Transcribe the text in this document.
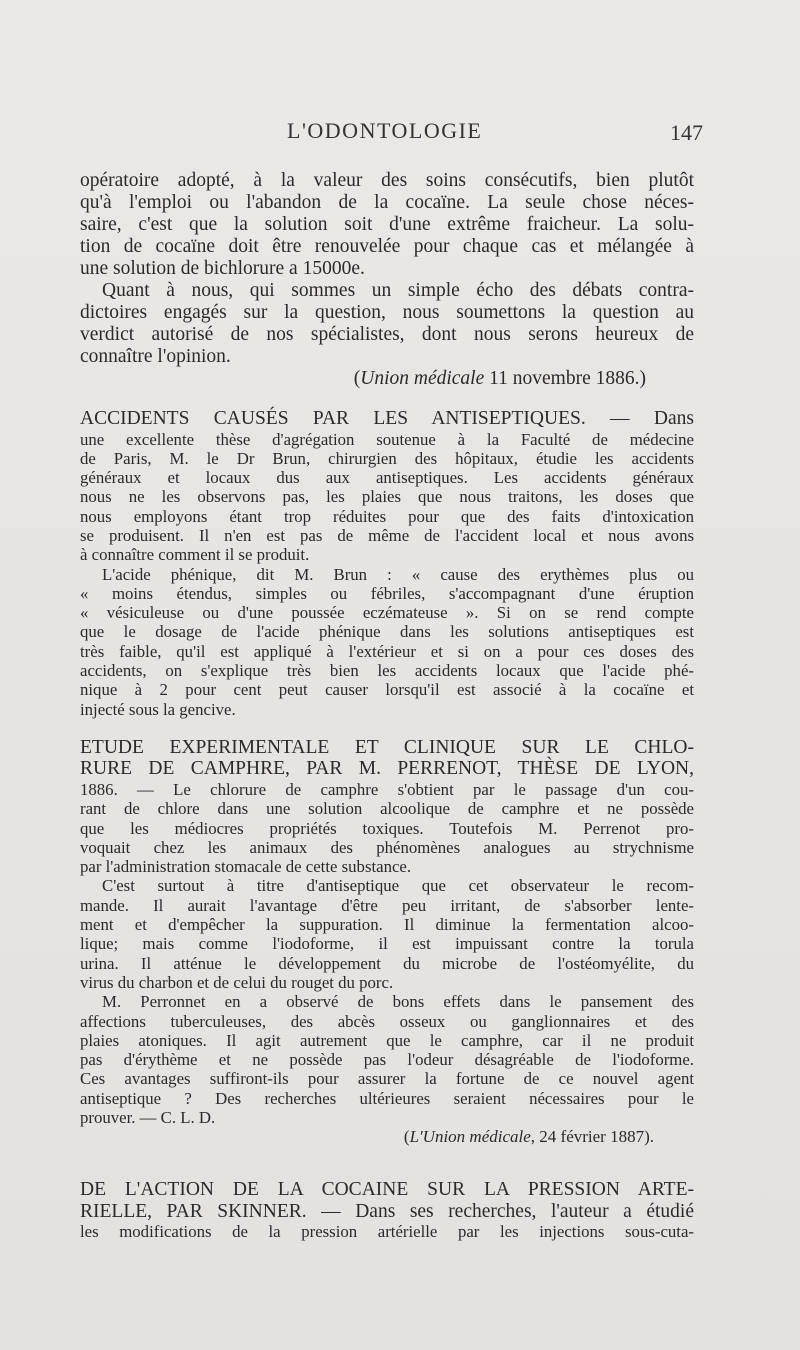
L'ODONTOLOGIE	147
opératoire adopté, à la valeur des soins consécutifs, bien plutôt
qu'à l'emploi ou l'abandon de la cocaïne. La seule chose néces-
saire, c'est que la solution soit d'une extrême fraicheur. La solu-
tion de cocaïne doit être renouvelée pour chaque cas et mélangée à
une solution de bichlorure a 15000e.
Quant à nous, qui sommes un simple écho des débats contra-
dictoires engagés sur la question, nous soumettons la question au
verdict autorisé de nos spécialistes, dont nous serons heureux de
connaître l'opinion.
(Union médicale 11 novembre 1886.)
ACCIDENTS CAUSÉS PAR LES ANTISEPTIQUES. — Dans
une excellente thèse d'agrégation soutenue à la Faculté de médecine
de Paris, M. le Dr Brun, chirurgien des hôpitaux, étudie les accidents
généraux et locaux dus aux antiseptiques. Les accidents généraux
nous ne les observons pas, les plaies que nous traitons, les doses que
nous employons étant trop réduites pour que des faits d'intoxication
se produisent. Il n'en est pas de même de l'accident local et nous avons
à connaître comment il se produit.
L'acide phénique, dit M. Brun : « cause des erythèmes plus ou
« moins étendus, simples ou fébriles, s'accompagnant d'une éruption
« vésiculeuse ou d'une poussée eczémateuse ». Si on se rend compte
que le dosage de l'acide phénique dans les solutions antiseptiques est
très faible, qu'il est appliqué à l'extérieur et si on a pour ces doses des
accidents, on s'explique très bien les accidents locaux que l'acide phé-
nique à 2 pour cent peut causer lorsqu'il est associé à la cocaïne et
injecté sous la gencive.
ETUDE EXPERIMENTALE ET CLINIQUE SUR LE CHLO-
RURE DE CAMPHRE, PAR M. PERRENOT, THÈSE DE LYON,
1886. — Le chlorure de camphre s'obtient par le passage d'un cou-
rant de chlore dans une solution alcoolique de camphre et ne possède
que les médiocres propriétés toxiques. Toutefois M. Perrenot pro-
voquait chez les animaux des phénomènes analogues au strychnisme
par l'administration stomacale de cette substance.
C'est surtout à titre d'antiseptique que cet observateur le recom-
mande. Il aurait l'avantage d'être peu irritant, de s'absorber lente-
ment et d'empêcher la suppuration. Il diminue la fermentation alcoo-
lique; mais comme l'iodoforme, il est impuissant contre la torula
urina. Il atténue le développement du microbe de l'ostéomyélite, du
virus du charbon et de celui du rouget du porc.
M. Perronnet en a observé de bons effets dans le pansement des
affections tuberculeuses, des abcès osseux ou ganglionnaires et des
plaies atoniques. Il agit autrement que le camphre, car il ne produit
pas d'érythème et ne possède pas l'odeur désagréable de l'iodoforme.
Ces avantages suffiront-ils pour assurer la fortune de ce nouvel agent
antiseptique ? Des recherches ultérieures seraient nécessaires pour le
prouver. — C. L. D.
(L'Union médicale, 24 février 1887).
DE L'ACTION DE LA COCAINE SUR LA PRESSION ARTE-
RIELLE, PAR SKINNER. — Dans ses recherches, l'auteur a étudié
les modifications de la pression artérielle par les injections sous-cuta-
